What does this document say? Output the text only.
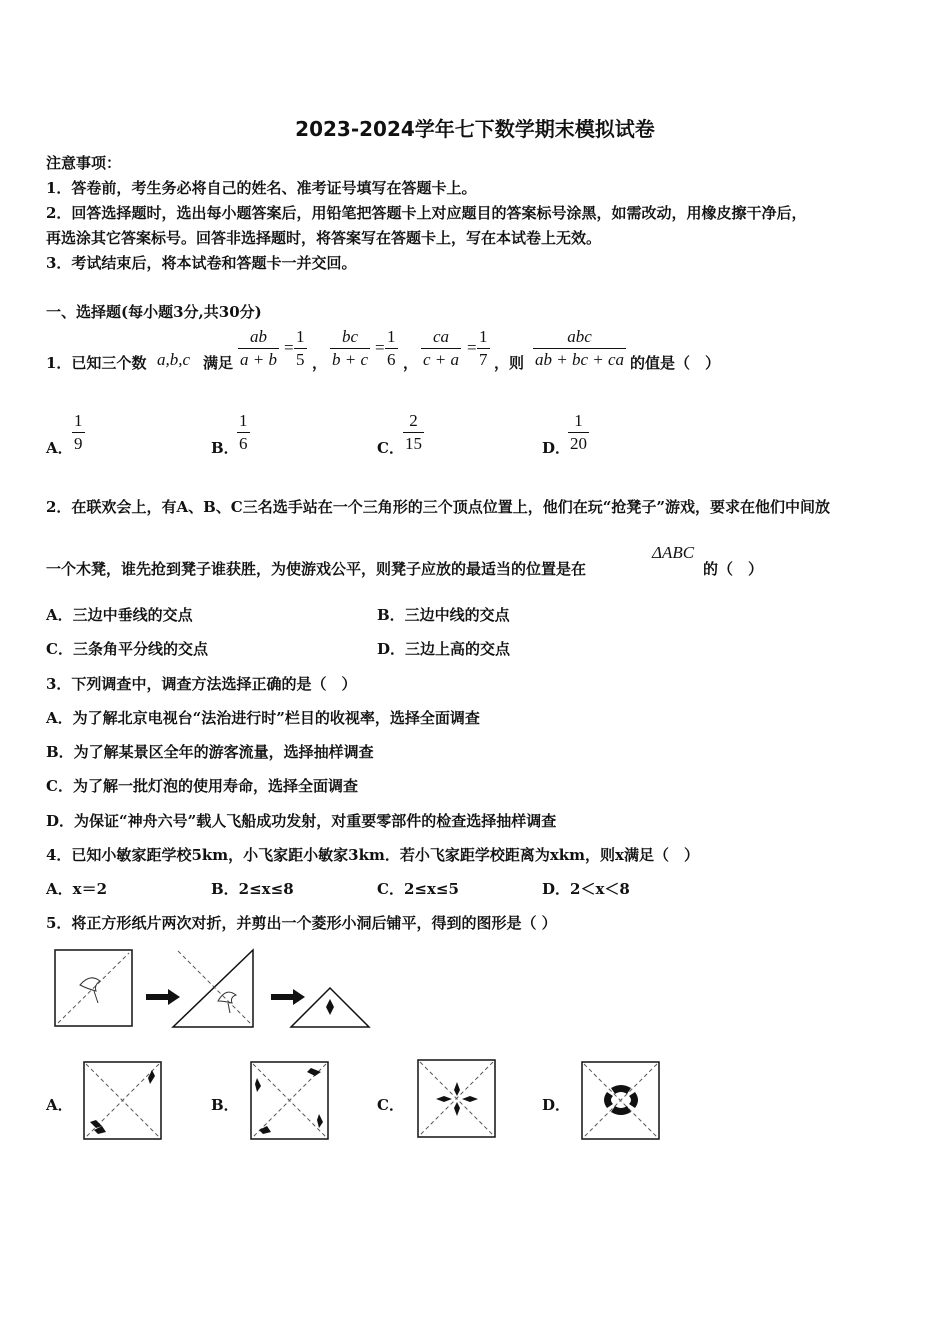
2023-2024学年七下数学期末模拟试卷
注意事项：
1．答卷前，考生务必将自己的姓名、准考证号填写在答题卡上。
2．回答选择题时，选出每小题答案后，用铅笔把答题卡上对应题目的答案标号涂黑，如需改动，用橡皮擦干净后，
再选涂其它答案标号。回答非选择题时，将答案写在答题卡上，写在本试卷上无效。
3．考试结束后，将本试卷和答题卡一并交回。
一、选择题(每小题3分,共30分)
1．已知三个数 a,b,c 满足 $\frac{ab}{a + b} = \frac{1}{5}$ ， $\frac{bc}{b + c} = \frac{1}{6}$ ， $\frac{ca}{c + a} = \frac{1}{7}$ ，则
abc
ab + bc + ca 的值是（　）
A． $\frac{1}{9}$	B．
$\frac{1}{6}$	C． $\frac{2}{15}$	D．
$\frac{1}{20}$
2．在联欢会上，有A、B、C三名选手站在一个三角形的三个顶点位置上，他们在玩“抢凳子”游戏，要求在他们中间放
一个木凳，谁先抢到凳子谁获胜，为使游戏公平，则凳子应放的最适当的位置是在
ΔABC
的（　）
A．三边中垂线的交点	B．三边中线的交点
C．三条角平分线的交点	D．三边上高的交点
3．下列调查中，调查方法选择正确的是（　）
A．为了解北京电视台“法治进行时”栏目的收视率，选择全面调查
B．为了解某景区全年的游客流量，选择抽样调查
C．为了解一批灯泡的使用寿命，选择全面调查
D．为保证“神舟六号”载人飞船成功发射，对重要零部件的检查选择抽样调查
4．已知小敏家距学校5km，小飞家距小敏家3km．若小飞家距学校距离为xkm，则x满足（　）
A．x＝2	B．2≤x≤8	C．2≤x≤5	D．2＜x＜8
5．将正方形纸片两次对折，并剪出一个菱形小洞后铺平，得到的图形是（ ）
A．	B．	C．	D．
